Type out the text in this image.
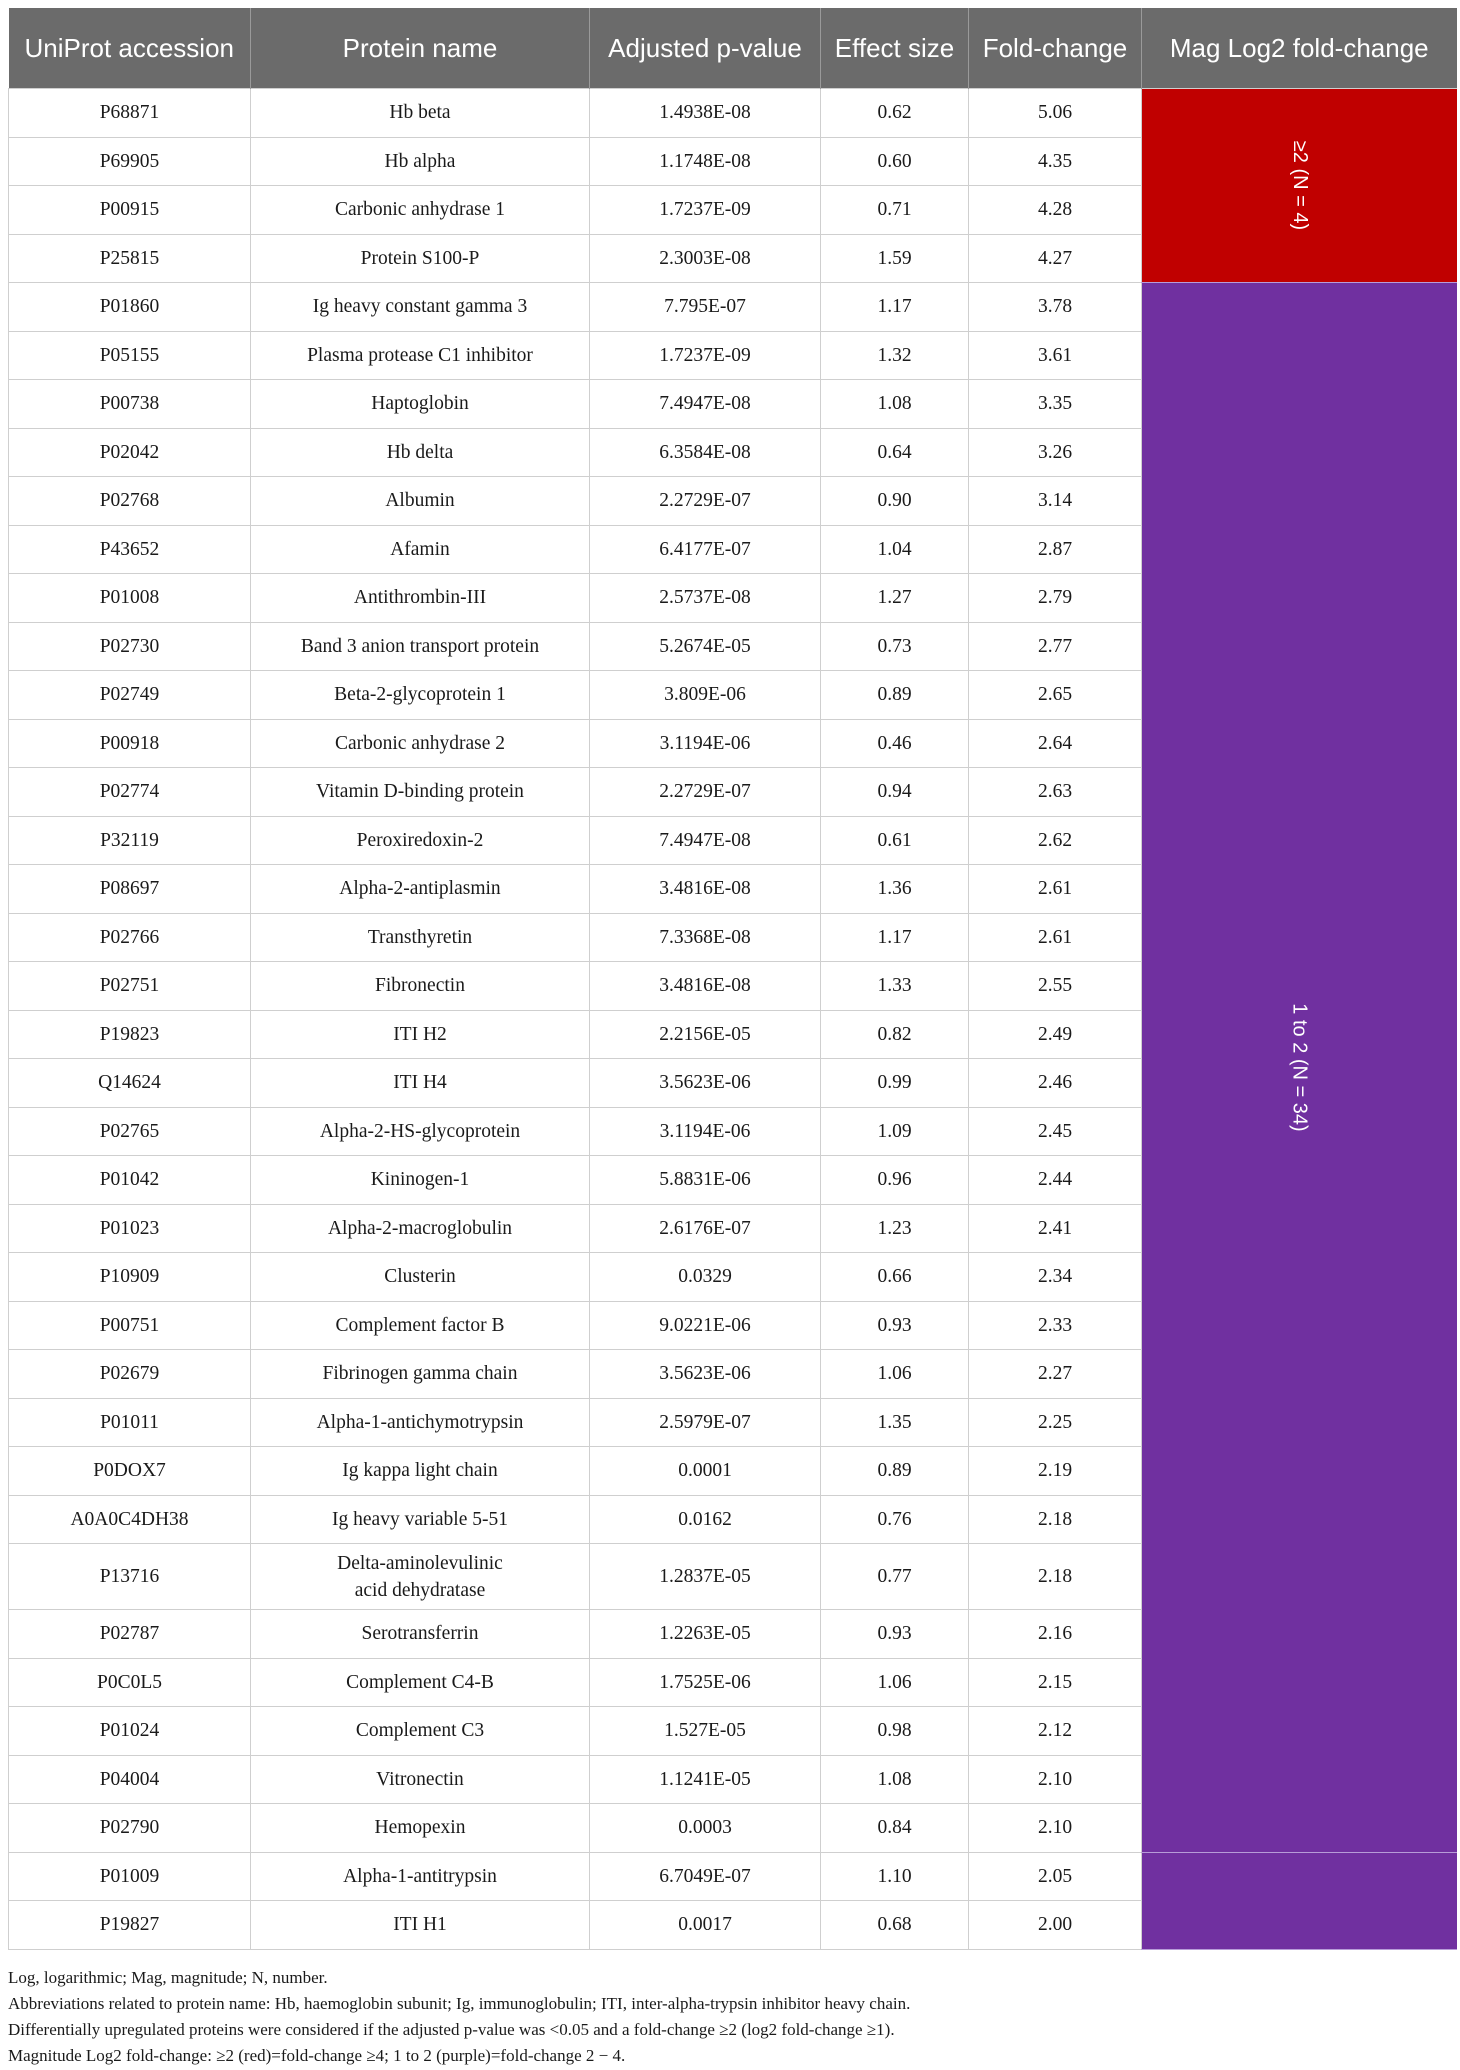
UniProt accession	Protein name	Adjusted p-value	Effect size	Fold-change	Mag Log2 fold-change
P68871	Hb beta	1.4938E-08	0.62	5.06	≥2 (N = 4)
P69905	Hb alpha	1.1748E-08	0.60	4.35	
P00915	Carbonic anhydrase 1	1.7237E-09	0.71	4.28	
P25815	Protein S100-P	2.3003E-08	1.59	4.27	
P01860	Ig heavy constant gamma 3	7.795E-07	1.17	3.78	1 to 2 (N = 34)
P05155	Plasma protease C1 inhibitor	1.7237E-09	1.32	3.61	
P00738	Haptoglobin	7.4947E-08	1.08	3.35	
P02042	Hb delta	6.3584E-08	0.64	3.26	
P02768	Albumin	2.2729E-07	0.90	3.14	
P43652	Afamin	6.4177E-07	1.04	2.87	
P01008	Antithrombin-III	2.5737E-08	1.27	2.79	
P02730	Band 3 anion transport protein	5.2674E-05	0.73	2.77	
P02749	Beta-2-glycoprotein 1	3.809E-06	0.89	2.65	
P00918	Carbonic anhydrase 2	3.1194E-06	0.46	2.64	
P02774	Vitamin D-binding protein	2.2729E-07	0.94	2.63	
P32119	Peroxiredoxin-2	7.4947E-08	0.61	2.62	
P08697	Alpha-2-antiplasmin	3.4816E-08	1.36	2.61	
P02766	Transthyretin	7.3368E-08	1.17	2.61	
P02751	Fibronectin	3.4816E-08	1.33	2.55	
P19823	ITI H2	2.2156E-05	0.82	2.49	
Q14624	ITI H4	3.5623E-06	0.99	2.46	
P02765	Alpha-2-HS-glycoprotein	3.1194E-06	1.09	2.45	
P01042	Kininogen-1	5.8831E-06	0.96	2.44	
P01023	Alpha-2-macroglobulin	2.6176E-07	1.23	2.41	
P10909	Clusterin	0.0329	0.66	2.34	
P00751	Complement factor B	9.0221E-06	0.93	2.33	
P02679	Fibrinogen gamma chain	3.5623E-06	1.06	2.27	
P01011	Alpha-1-antichymotrypsin	2.5979E-07	1.35	2.25	
P0DOX7	Ig kappa light chain	0.0001	0.89	2.19	
A0A0C4DH38	Ig heavy variable 5-51	0.0162	0.76	2.18	
P13716	Delta-aminolevulinic
acid dehydratase	1.2837E-05	0.77	2.18	
P02787	Serotransferrin	1.2263E-05	0.93	2.16	
P0C0L5	Complement C4-B	1.7525E-06	1.06	2.15	
P01024	Complement C3	1.527E-05	0.98	2.12	
P04004	Vitronectin	1.1241E-05	1.08	2.10	
P02790	Hemopexin	0.0003	0.84	2.10	
P01009	Alpha-1-antitrypsin	6.7049E-07	1.10	2.05	
P19827	ITI H1	0.0017	0.68	2.00	

Log, logarithmic; Mag, magnitude; N, number.

Abbreviations related to protein name: Hb, haemoglobin subunit; Ig, immunoglobulin; ITI, inter-alpha-trypsin inhibitor heavy chain.

Differentially upregulated proteins were considered if the adjusted p-value was <0.05 and a fold-change ≥2 (log2 fold-change ≥1).

Magnitude Log2 fold-change: ≥2 (red)=fold-change ≥4; 1 to 2 (purple)=fold-change 2 − 4.
